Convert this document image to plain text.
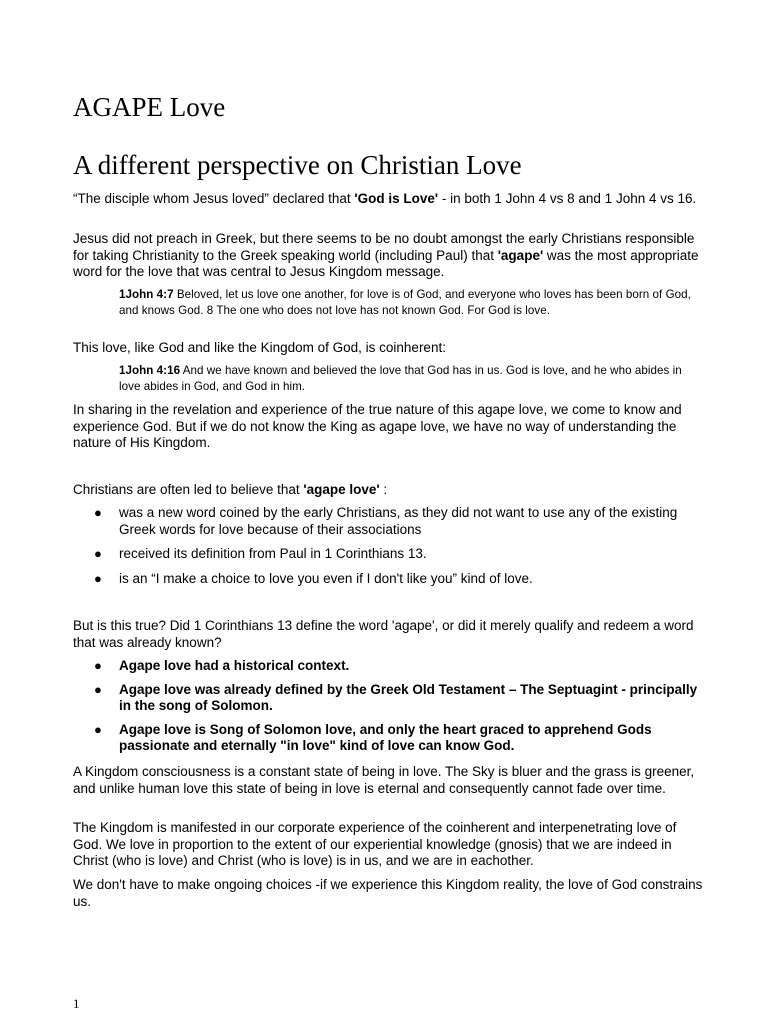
AGAPE Love
A different perspective on Christian Love

“The disciple whom Jesus loved” declared that 'God is Love' - in both 1 John 4 vs 8 and 1 John 4 vs 16.

Jesus did not preach in Greek, but there seems to be no doubt amongst the early Christians responsible for taking Christianity to the Greek speaking world (including Paul) that 'agape' was the most appropriate word for the love that was central to Jesus Kingdom message.

1John 4:7 Beloved, let us love one another, for love is of God, and everyone who loves has been born of God, and knows God. 8 The one who does not love has not known God. For God is love.

This love, like God and like the Kingdom of God, is coinherent:

1John 4:16 And we have known and believed the love that God has in us. God is love, and he who abides in love abides in God, and God in him.

In sharing in the revelation and experience of the true nature of this agape love, we come to know and experience God. But if we do not know the King as agape love, we have no way of understanding the nature of His Kingdom.

Christians are often led to believe that 'agape love' :

● was a new word coined by the early Christians, as they did not want to use any of the existing Greek words for love because of their associations
● received its definition from Paul in 1 Corinthians 13.
● is an “I make a choice to love you even if I don't like you” kind of love.

But is this true? Did 1 Corinthians 13 define the word 'agape', or did it merely qualify and redeem a word that was already known?

● Agape love had a historical context.
● Agape love was already defined by the Greek Old Testament – The Septuagint - principally in the song of Solomon.
● Agape love is Song of Solomon love, and only the heart graced to apprehend Gods passionate and eternally "in love" kind of love can know God.

A Kingdom consciousness is a constant state of being in love. The Sky is bluer and the grass is greener, and unlike human love this state of being in love is eternal and consequently cannot fade over time.

The Kingdom is manifested in our corporate experience of the coinherent and interpenetrating love of God. We love in proportion to the extent of our experiential knowledge (gnosis) that we are indeed in Christ (who is love) and Christ (who is love) is in us, and we are in eachother.

We don't have to make ongoing choices -if we experience this Kingdom reality, the love of God constrains us.

1
